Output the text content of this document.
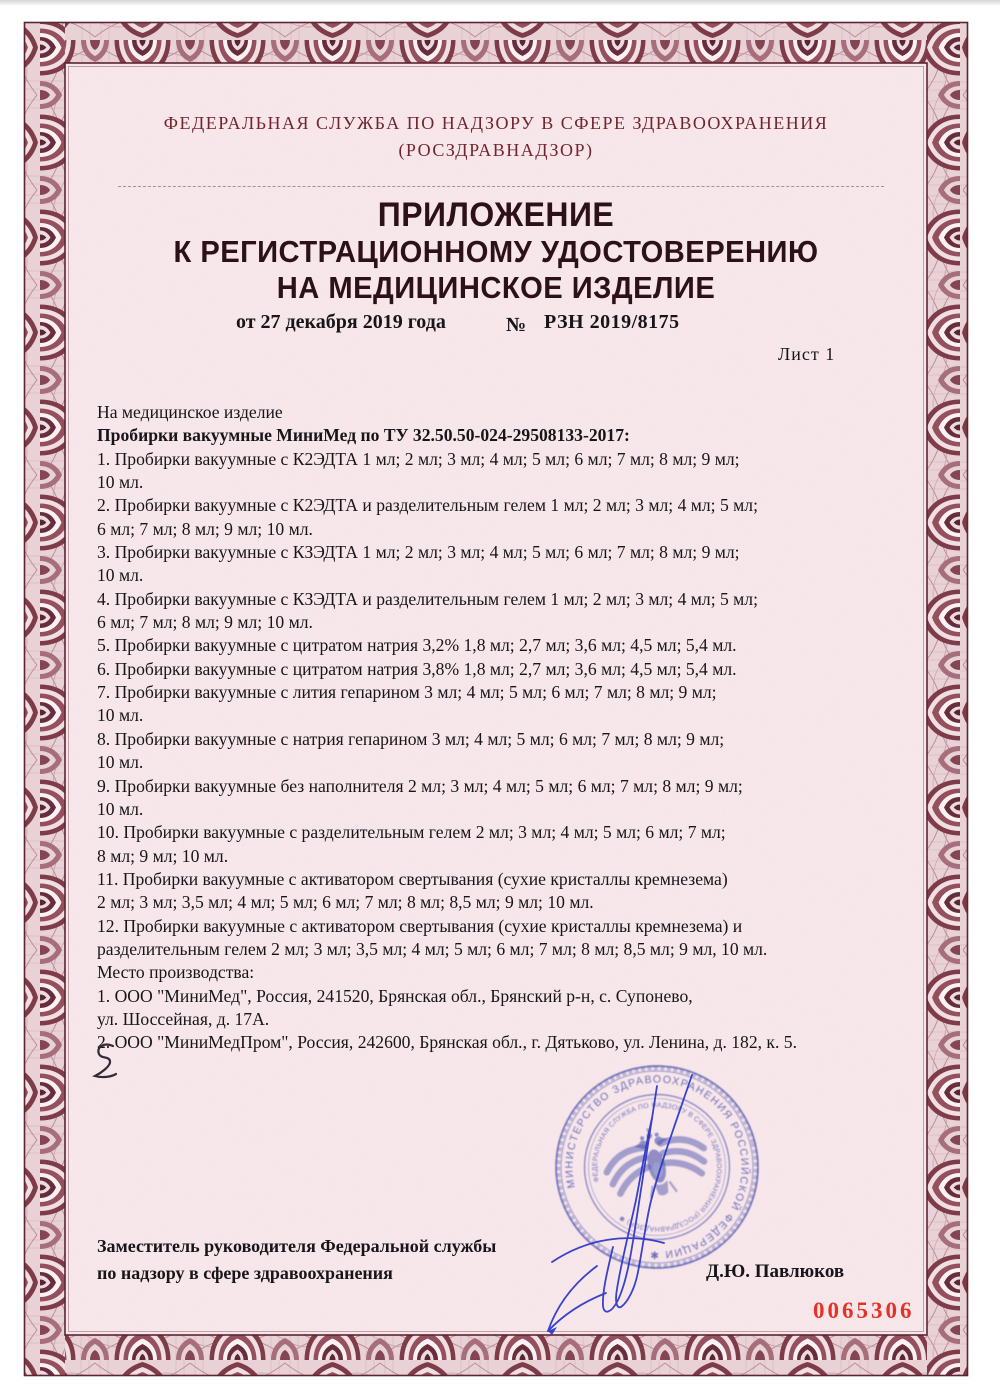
ФЕДЕРАЛЬНАЯ СЛУЖБА ПО НАДЗОРУ В СФЕРЕ ЗДРАВООХРАНЕНИЯ
(РОСЗДРАВНАДЗОР)
ПРИЛОЖЕНИЕ
К РЕГИСТРАЦИОННОМУ УДОСТОВЕРЕНИЮ
НА МЕДИЦИНСКОЕ ИЗДЕЛИЕ
от 27 декабря 2019 года	№ РЗН 2019/8175
Лист 1
На медицинское изделие
Пробирки вакуумные МиниМед по ТУ 32.50.50-024-29508133-2017:
1. Пробирки вакуумные с К2ЭДТА 1 мл; 2 мл; 3 мл; 4 мл; 5 мл; 6 мл; 7 мл; 8 мл; 9 мл;
10 мл.
2. Пробирки вакуумные с К2ЭДТА и разделительным гелем 1 мл; 2 мл; 3 мл; 4 мл; 5 мл;
6 мл; 7 мл; 8 мл; 9 мл; 10 мл.
3. Пробирки вакуумные с КЗЭДТА 1 мл; 2 мл; 3 мл; 4 мл; 5 мл; 6 мл; 7 мл; 8 мл; 9 мл;
10 мл.
4. Пробирки вакуумные с КЗЭДТА и разделительным гелем 1 мл; 2 мл; 3 мл; 4 мл; 5 мл;
6 мл; 7 мл; 8 мл; 9 мл; 10 мл.
5. Пробирки вакуумные с цитратом натрия 3,2% 1,8 мл; 2,7 мл; 3,6 мл; 4,5 мл; 5,4 мл.
6. Пробирки вакуумные с цитратом натрия 3,8% 1,8 мл; 2,7 мл; 3,6 мл; 4,5 мл; 5,4 мл.
7. Пробирки вакуумные с лития гепарином 3 мл; 4 мл; 5 мл; 6 мл; 7 мл; 8 мл; 9 мл;
10 мл.
8. Пробирки вакуумные с натрия гепарином 3 мл; 4 мл; 5 мл; 6 мл; 7 мл; 8 мл; 9 мл;
10 мл.
9. Пробирки вакуумные без наполнителя 2 мл; 3 мл; 4 мл; 5 мл; 6 мл; 7 мл; 8 мл; 9 мл;
10 мл.
10. Пробирки вакуумные с разделительным гелем 2 мл; 3 мл; 4 мл; 5 мл; 6 мл; 7 мл;
8 мл; 9 мл; 10 мл.
11. Пробирки вакуумные с активатором свертывания (сухие кристаллы кремнезема)
2 мл; 3 мл; 3,5 мл; 4 мл; 5 мл; 6 мл; 7 мл; 8 мл; 8,5 мл; 9 мл; 10 мл.
12. Пробирки вакуумные с активатором свертывания (сухие кристаллы кремнезема) и
разделительным гелем 2 мл; 3 мл; 3,5 мл; 4 мл; 5 мл; 6 мл; 7 мл; 8 мл; 8,5 мл; 9 мл, 10 мл.
Место производства:
1. ООО "МиниМед", Россия, 241520, Брянская обл., Брянский р-н, с. Супонево,
ул. Шоссейная, д. 17А.
2. ООО "МиниМедПром", Россия, 242600, Брянская обл., г. Дятьково, ул. Ленина, д. 182, к. 5.
Заместитель руководителя Федеральной службы
по надзору в сфере здравоохранения	Д.Ю. Павлюков
0065306
МИНИСТЕРСТВО ЗДРАВООХРАНЕНИЯ РОССИЙСКОЙ ФЕДЕРАЦИИ ✱
ФЕДЕРАЛЬНАЯ СЛУЖБА ПО НАДЗОРУ В СФЕРЕ ЗДРАВООХРАНЕНИЯ (РОСЗДРАВНАДЗОР) ✱
